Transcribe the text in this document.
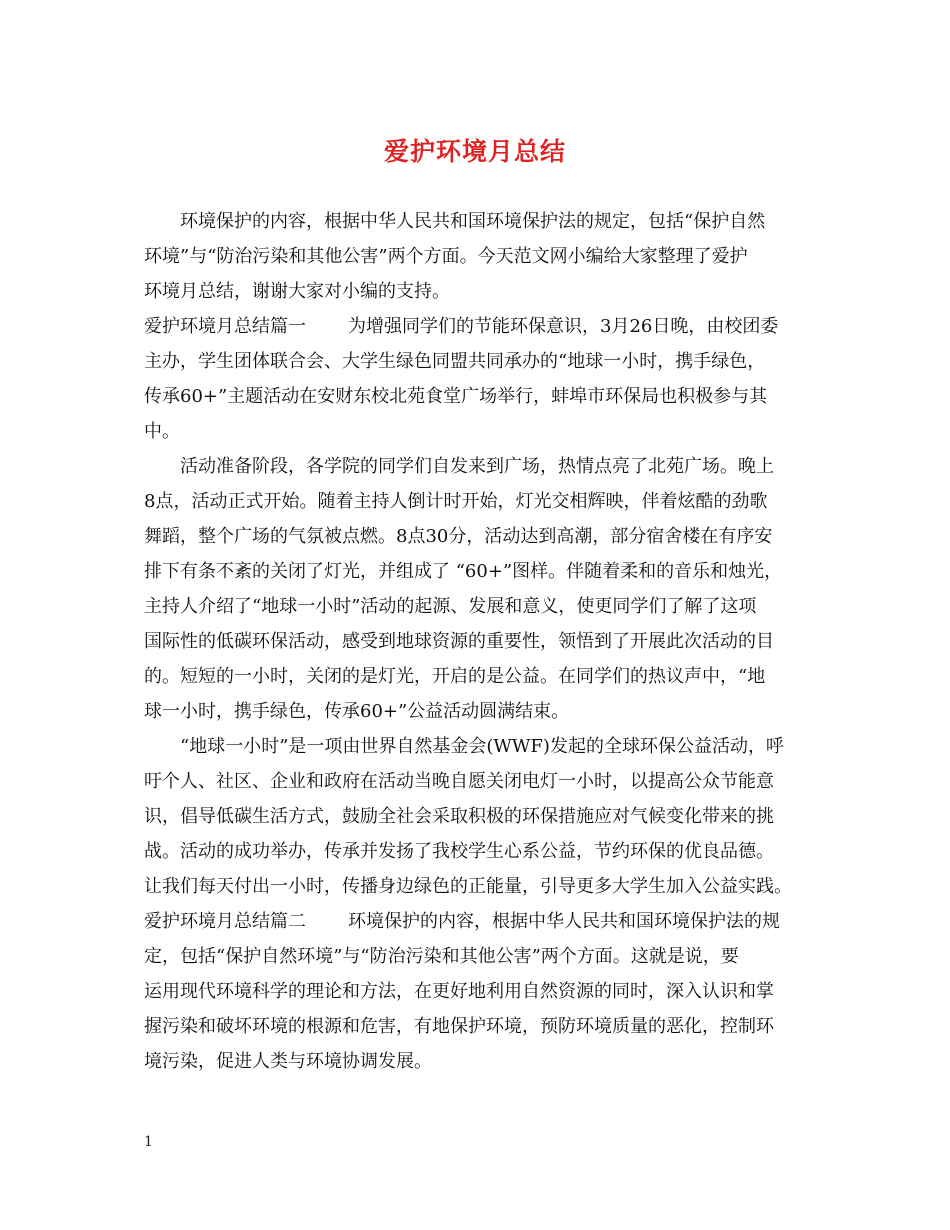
爱护环境月总结
环境保护的内容，根据中华人民共和国环境保护法的规定，包括“保护自然
环境”与“防治污染和其他公害”两个方面。今天范文网小编给大家整理了爱护
环境月总结，谢谢大家对小编的支持。
爱护环境月总结篇一 为增强同学们的节能环保意识，3月26日晚，由校团委
主办，学生团体联合会、大学生绿色同盟共同承办的“地球一小时，携手绿色，
传承60+”主题活动在安财东校北苑食堂广场举行，蚌埠市环保局也积极参与其
中。
活动准备阶段，各学院的同学们自发来到广场，热情点亮了北苑广场。晚上
8点，活动正式开始。随着主持人倒计时开始，灯光交相辉映，伴着炫酷的劲歌
舞蹈，整个广场的气氛被点燃。8点30分，活动达到高潮，部分宿舍楼在有序安
排下有条不紊的关闭了灯光，并组成了 “60+”图样。伴随着柔和的音乐和烛光，
主持人介绍了“地球一小时”活动的起源、发展和意义，使更同学们了解了这项
国际性的低碳环保活动，感受到地球资源的重要性，领悟到了开展此次活动的目
的。短短的一小时，关闭的是灯光，开启的是公益。在同学们的热议声中，“地
球一小时，携手绿色，传承60+”公益活动圆满结束。
“地球一小时”是一项由世界自然基金会(WWF)发起的全球环保公益活动，呼
吁个人、社区、企业和政府在活动当晚自愿关闭电灯一小时，以提高公众节能意
识，倡导低碳生活方式，鼓励全社会采取积极的环保措施应对气候变化带来的挑
战。活动的成功举办，传承并发扬了我校学生心系公益，节约环保的优良品德。
让我们每天付出一小时，传播身边绿色的正能量，引导更多大学生加入公益实践。
爱护环境月总结篇二 环境保护的内容，根据中华人民共和国环境保护法的规
定，包括“保护自然环境”与“防治污染和其他公害”两个方面。这就是说，要
运用现代环境科学的理论和方法，在更好地利用自然资源的同时，深入认识和掌
握污染和破坏环境的根源和危害，有地保护环境，预防环境质量的恶化，控制环
境污染，促进人类与环境协调发展。
1
